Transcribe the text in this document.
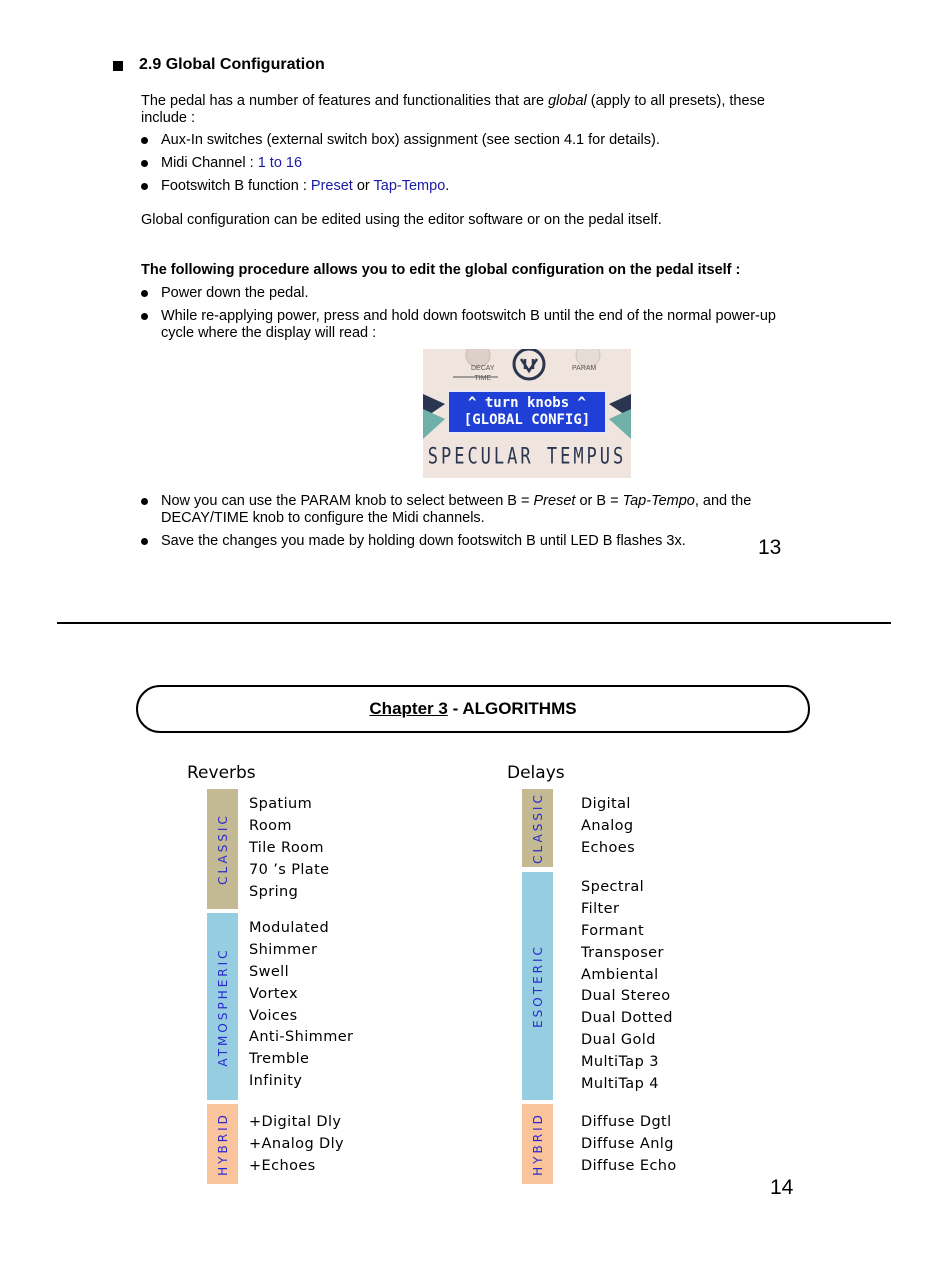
2.9 Global Configuration
The pedal has a number of features and functionalities that are global (apply to all presets), these include :
Aux-In switches (external switch box) assignment (see section 4.1 for details).
Midi Channel : 1 to 16
Footswitch B function : Preset or Tap-Tempo.
Global configuration can be edited using the editor software or on the pedal itself.
The following procedure allows you to edit the global configuration on the pedal itself :
Power down the pedal.
While re-applying power, press and hold down footswitch B until the end of the normal power-up cycle where the display will read :
DECAY
TIME
PARAM
^ turn knobs ^
[GLOBAL CONFIG]
SPECULAR TEMPUS
Now you can use the PARAM knob to select between B = Preset or B = Tap-Tempo, and the DECAY/TIME knob to configure the Midi channels.
Save the changes you made by holding down footswitch B until LED B flashes 3x.	13
Chapter 3
- ALGORITHMS
Reverbs
CLASSIC
Spatium
Room
Tile Room
70 ’s Plate
Spring
ATMOSPHERIC
Modulated
Shimmer
Swell
Vortex
Voices
Anti-Shimmer
Tremble
Infinity
HYBRID +Digital Dly
+Analog Dly
+Echoes
Delays
CLASSIC	Digital
Analog
Echoes
ESOTERIC
Spectral
Filter
Formant
Transposer
Ambiental
Dual Stereo
Dual Dotted
Dual Gold
MultiTap 3
MultiTap 4
HYBRID	Diffuse Dgtl
Diffuse Anlg
Diffuse Echo
14
